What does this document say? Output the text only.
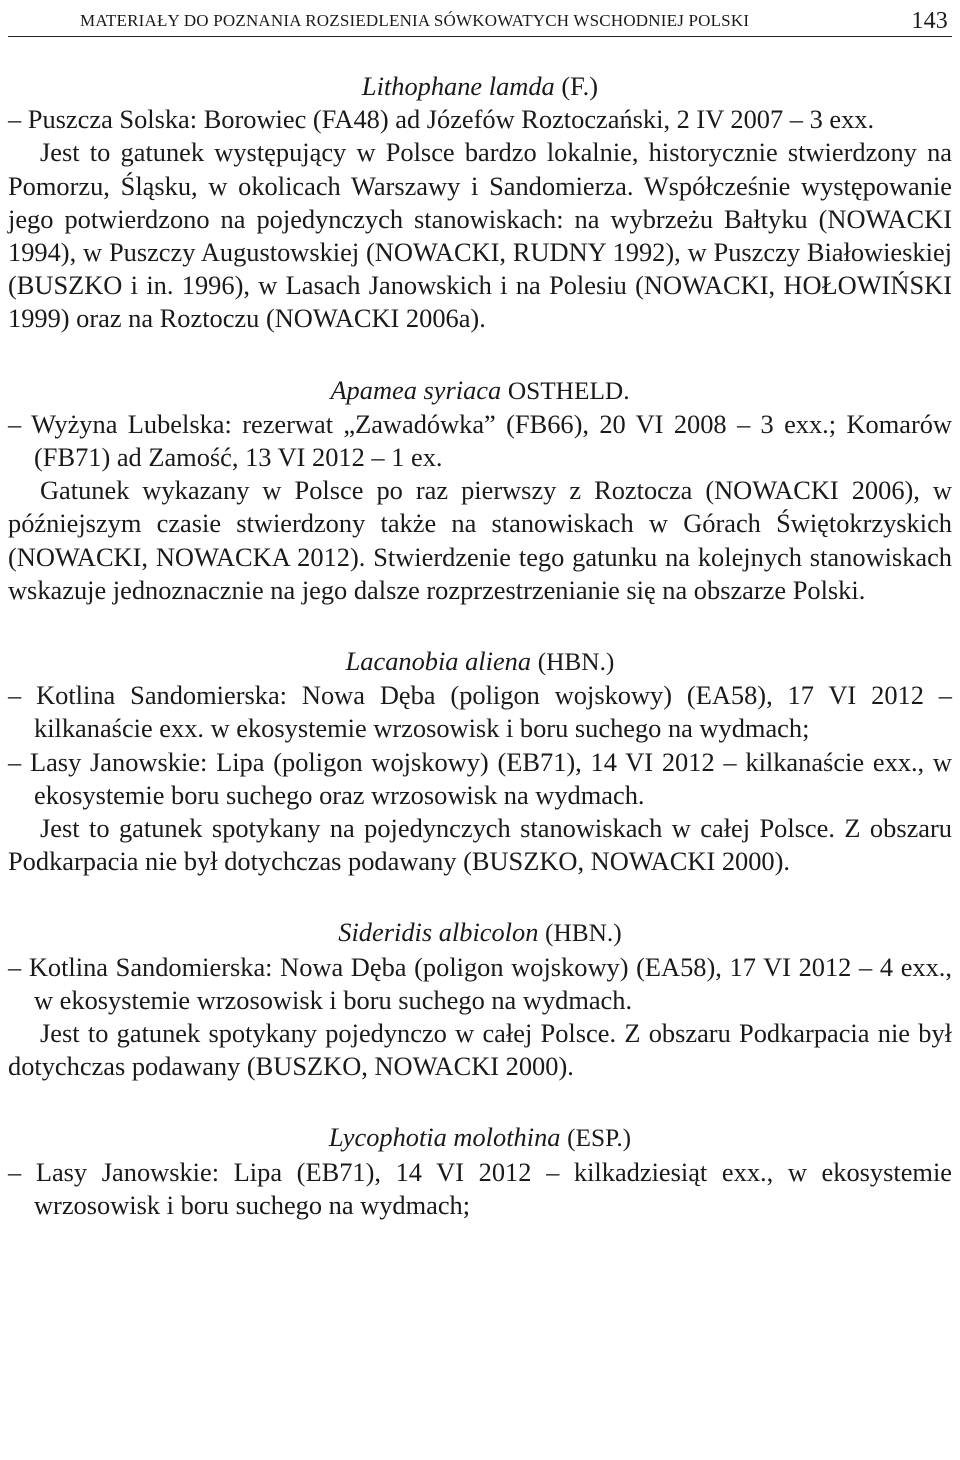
MATERIAŁY DO POZNANIA ROZSIEDLENIA SÓWKOWATYCH WSCHODNIEJ POLSKI	143

Lithophane lamda (F.)

– Puszcza Solska: Borowiec (FA48) ad Józefów Roztoczański, 2 IV 2007 – 3 exx.

Jest to gatunek występujący w Polsce bardzo lokalnie, historycznie stwierdzony na Pomorzu, Śląsku, w okolicach Warszawy i Sandomierza. Współcześnie występowanie jego potwierdzono na pojedynczych stanowiskach: na wybrzeżu Bałtyku (NOWACKI 1994), w Puszczy Augustowskiej (NOWACKI, RUDNY 1992), w Puszczy Białowieskiej (BUSZKO i in. 1996), w Lasach Janowskich i na Polesiu (NOWACKI, HOŁOWIŃSKI 1999) oraz na Roztoczu (NOWACKI 2006a).

Apamea syriaca OSTHELD.

– Wyżyna Lubelska: rezerwat „Zawadówka” (FB66), 20 VI 2008 – 3 exx.; Komarów (FB71) ad Zamość, 13 VI 2012 – 1 ex.

Gatunek wykazany w Polsce po raz pierwszy z Roztocza (NOWACKI 2006), w późniejszym czasie stwierdzony także na stanowiskach w Górach Świętokrzyskich (NOWACKI, NOWACKA 2012). Stwierdzenie tego gatunku na kolejnych stanowiskach wskazuje jednoznacznie na jego dalsze rozprzestrzenianie się na obszarze Polski.

Lacanobia aliena (HBN.)

– Kotlina Sandomierska: Nowa Dęba (poligon wojskowy) (EA58), 17 VI 2012 – kilkanaście exx. w ekosystemie wrzosowisk i boru suchego na wydmach;

– Lasy Janowskie: Lipa (poligon wojskowy) (EB71), 14 VI 2012 – kilkanaście exx., w ekosystemie boru suchego oraz wrzosowisk na wydmach.

Jest to gatunek spotykany na pojedynczych stanowiskach w całej Polsce. Z obszaru Podkarpacia nie był dotychczas podawany (BUSZKO, NOWACKI 2000).

Sideridis albicolon (HBN.)

– Kotlina Sandomierska: Nowa Dęba (poligon wojskowy) (EA58), 17 VI 2012 – 4 exx., w ekosystemie wrzosowisk i boru suchego na wydmach.

Jest to gatunek spotykany pojedynczo w całej Polsce. Z obszaru Podkarpacia nie był dotychczas podawany (BUSZKO, NOWACKI 2000).

Lycophotia molothina (ESP.)

– Lasy Janowskie: Lipa (EB71), 14 VI 2012 – kilkadziesiąt exx., w ekosystemie wrzosowisk i boru suchego na wydmach;
